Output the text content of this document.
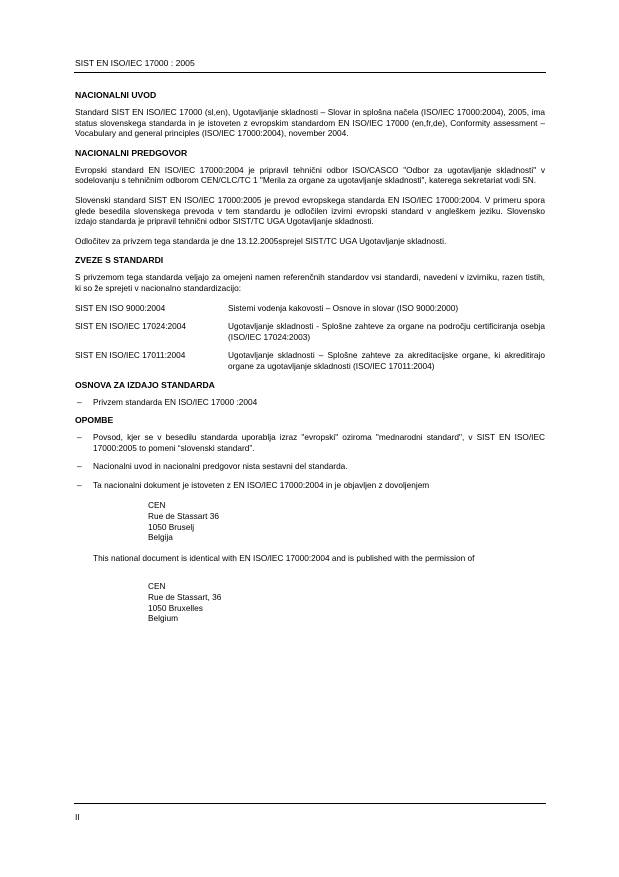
SIST EN ISO/IEC 17000 : 2005
NACIONALNI UVOD

Standard SIST EN ISO/IEC 17000 (sl,en), Ugotavljanje skladnosti – Slovar in splošna načela (ISO/IEC 17000:2004), 2005, ima status slovenskega standarda in je istoveten z evropskim standardom EN ISO/IEC 17000 (en,fr,de), Conformity assessment – Vocabulary and general principles (ISO/IEC 17000:2004), november 2004.

NACIONALNI PREDGOVOR

Evropski standard EN ISO/IEC 17000:2004 je pripravil tehnični odbor ISO/CASCO "Odbor za ugotavljanje skladnosti" v sodelovanju s tehničnim odborom CEN/CLC/TC 1 "Merila za organe za ugotavljanje skladnosti", katerega sekretariat vodi SN.

Slovenski standard SIST EN ISO/IEC 17000:2005 je prevod evropskega standarda EN ISO/IEC 17000:2004. V primeru spora glede besedila slovenskega prevoda v tem standardu je odločilen izvirni evropski standard v angleškem jeziku. Slovensko izdajo standarda je pripravil tehnični odbor SIST/TC UGA Ugotavljanje skladnosti.

Odločitev za privzem tega standarda je dne 13.12.2005sprejel SIST/TC UGA Ugotavljanje skladnosti.

ZVEZE S STANDARDI

S privzemom tega standarda veljajo za omejeni namen referenčnih standardov vsi standardi, navedeni v izvirniku, razen tistih, ki so že sprejeti v nacionalno standardizacijo:

SIST EN ISO 9000:2004	Sistemi vodenja kakovosti – Osnove in slovar (ISO 9000:2000)
SIST EN ISO/IEC 17024:2004	Ugotavljanje skladnosti - Splošne zahteve za organe na področju certificiranja osebja (ISO/IEC 17024:2003)
SIST EN ISO/IEC 17011:2004	Ugotavljanje skladnosti – Splošne zahteve za akreditacijske organe, ki akreditirajo organe za ugotavljanje skladnosti (ISO/IEC 17011:2004)
OSNOVA ZA IZDAJO STANDARDA
–	Privzem standarda EN ISO/IEC 17000 :2004
OPOMBE
–	Povsod, kjer se v besedilu standarda uporablja izraz "evropski" oziroma "mednarodni standard", v SIST EN ISO/IEC 17000:2005 to pomeni “slovenski standard”.
–	Nacionalni uvod in nacionalni predgovor nista sestavni del standarda.
–	Ta nacionalni dokument je istoveten z EN ISO/IEC 17000:2004 in je objavljen z dovoljenjem
CEN
Rue de Stassart 36
1050 Bruselj
Belgija

This national document is identical with EN ISO/IEC 17000:2004 and is published with the permission of

CEN
Rue de Stassart, 36
1050 Bruxelles
Belgium
II
